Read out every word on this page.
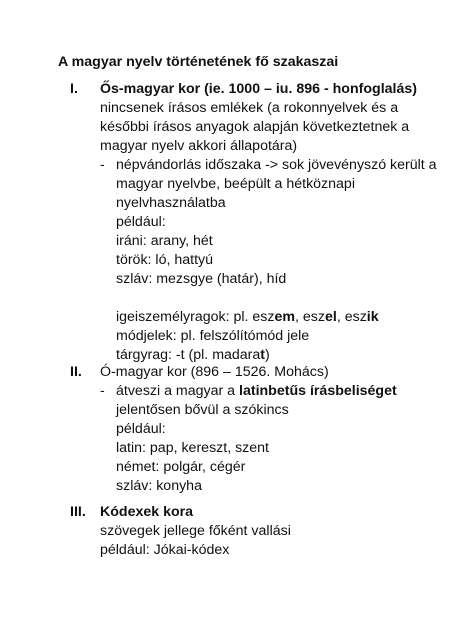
A magyar nyelv történetének fő szakaszai
I. Ős-magyar kor (ie. 1000 – iu. 896 - honfoglalás)
nincsenek írásos emlékek (a rokonnyelvek és a
későbbi írásos anyagok alapján következtetnek a
magyar nyelv akkori állapotára)
- népvándorlás időszaka -> sok jövevényszó került a
magyar nyelvbe, beépült a hétköznapi
nyelvhasználatba
például:
iráni: arany, hét
török: ló, hattyú
szláv: mezsgye (határ), híd
igeiszemélyragok: pl. eszem, eszel, eszik
módjelek: pl. felszólítómód jele
tárgyrag: -t (pl. madarat)
II. Ó-magyar kor (896 – 1526. Mohács)
- átveszi a magyar a latinbetűs írásbeliséget
jelentősen bővül a szókincs
például:
latin: pap, kereszt, szent
német: polgár, cégér
szláv: konyha
III. Kódexek kora
szövegek jellege főként vallási
például: Jókai-kódex
